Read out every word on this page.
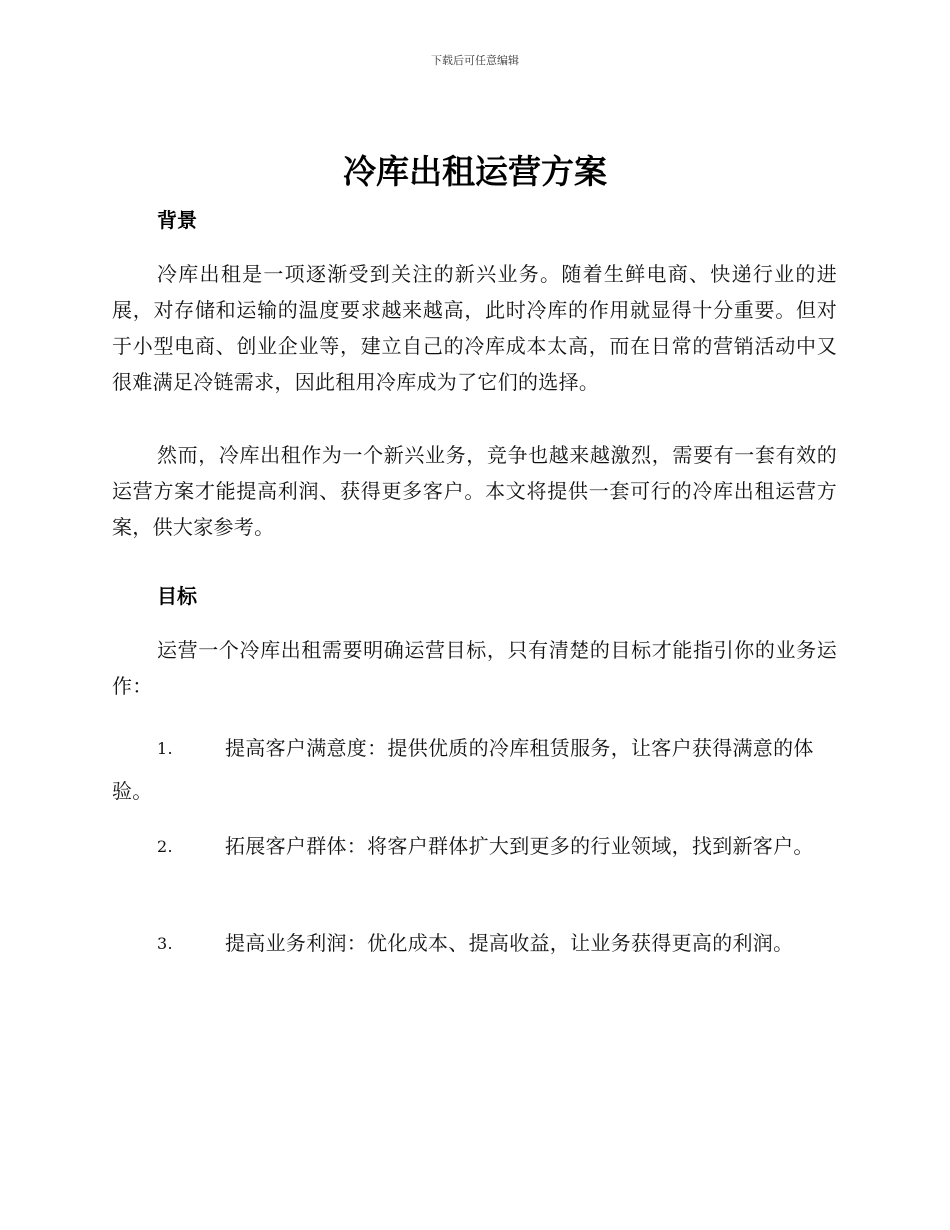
下载后可任意编辑
冷库出租运营方案
背景

冷库出租是一项逐渐受到关注的新兴业务。随着生鲜电商、快递行业的进展，对存储和运输的温度要求越来越高，此时冷库的作用就显得十分重要。但对于小型电商、创业企业等，建立自己的冷库成本太高，而在日常的营销活动中又很难满足冷链需求，因此租用冷库成为了它们的选择。

然而，冷库出租作为一个新兴业务，竞争也越来越激烈，需要有一套有效的运营方案才能提高利润、获得更多客户。本文将提供一套可行的冷库出租运营方案，供大家参考。

目标

运营一个冷库出租需要明确运营目标，只有清楚的目标才能指引你的业务运作：

1.	提高客户满意度：提供优质的冷库租赁服务，让客户获得满意的体验。

2.	拓展客户群体：将客户群体扩大到更多的行业领域，找到新客户。

3.	提高业务利润：优化成本、提高收益，让业务获得更高的利润。
